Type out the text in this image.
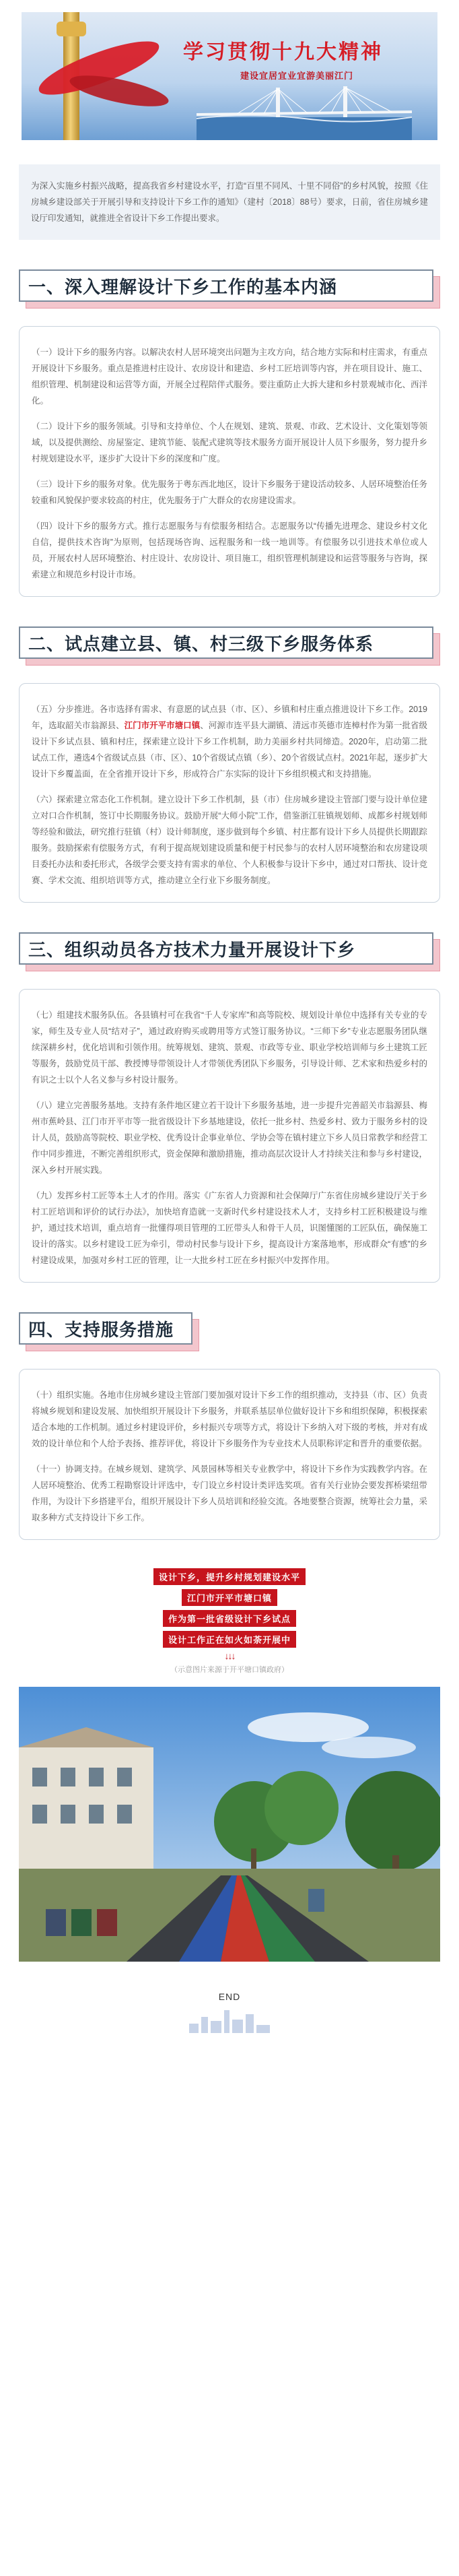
学习贯彻十九大精神
建设宜居宜业宜游美丽江门
为深入实施乡村振兴战略，提高我省乡村建设水平，打造“百里不同风、十里不同俗”的乡村风貌，按照《住房城乡建设部关于开展引导和支持设计下乡工作的通知》（建村〔2018〕88号）要求，日前，省住房城乡建设厅印发通知，就推进全省设计下乡工作提出要求。
一、深入理解设计下乡工作的基本内涵

（一）设计下乡的服务内容。以解决农村人居环境突出问题为主攻方向，结合地方实际和村庄需求，有重点开展设计下乡服务。重点是推进村庄设计、农房设计和建造、乡村工匠培训等内容，并在项目设计、施工、组织管理、机制建设和运营等方面，开展全过程陪伴式服务。要注重防止大拆大建和乡村景观城市化、西洋化。

（二）设计下乡的服务领域。引导和支持单位、个人在规划、建筑、景观、市政、艺术设计、文化策划等领域，以及提供测绘、房屋鉴定、建筑节能、装配式建筑等技术服务方面开展设计人员下乡服务，努力提升乡村规划建设水平，逐步扩大设计下乡的深度和广度。

（三）设计下乡的服务对象。优先服务于粤东西北地区，设计下乡服务于建设活动较多、人居环境整治任务较重和风貌保护要求较高的村庄，优先服务于广大群众的农房建设需求。

（四）设计下乡的服务方式。推行志愿服务与有偿服务相结合。志愿服务以“传播先进理念、建设乡村文化自信，提供技术咨询”为原则，包括现场咨询、远程服务和一线一地训等。有偿服务以引进技术单位或人员，开展农村人居环境整治、村庄设计、农房设计、项目施工，组织管理机制建设和运营等服务与咨询，探索建立和规范乡村设计市场。

二、试点建立县、镇、村三级下乡服务体系

（五）分步推进。各市选择有需求、有意愿的试点县（市、区）、乡镇和村庄重点推进设计下乡工作。2019年，选取韶关市翁源县、江门市开平市塘口镇、河源市连平县大湖镇、清远市英德市连樟村作为第一批省级设计下乡试点县、镇和村庄，探索建立设计下乡工作机制，助力美丽乡村共同缔造。2020年，启动第二批试点工作，遴选4个省级试点县（市、区）、10个省级试点镇（乡）、20个省级试点村。2021年起，逐步扩大设计下乡覆盖面，在全省推开设计下乡，形成符合广东实际的设计下乡组织模式和支持措施。

（六）探索建立常态化工作机制。建立设计下乡工作机制，县（市）住房城乡建设主管部门要与设计单位建立对口合作机制，签订中长期服务协议。鼓励开展“大师小院”工作，借鉴浙江驻镇规划师、成都乡村规划师等经验和做法，研究推行驻镇（村）设计师制度，逐步做到每个乡镇、村庄都有设计下乡人员提供长期跟踪服务。鼓励探索有偿服务方式，有利于提高规划建设质量和便于村民参与的农村人居环境整治和农房建设项目委托办法和委托形式，各级学会要支持有需求的单位、个人积极参与设计下乡中，通过对口帮扶、设计竞赛、学术交流、组织培训等方式，推动建立全行业下乡服务制度。

三、组织动员各方技术力量开展设计下乡

（七）组建技术服务队伍。各县镇村可在我省“千人专家库”和高等院校、规划设计单位中选择有关专业的专家，师生及专业人员“结对子”，通过政府购买或聘用等方式签订服务协议。“三师下乡”专业志愿服务团队继续深耕乡村，优化培训和引领作用。统筹规划、建筑、景观、市政等专业、职业学校培训师与乡土建筑工匠等服务，鼓励党员干部、教授博导带领设计人才带领优秀团队下乡服务，引导设计师、艺术家和热爱乡村的有识之士以个人名义参与乡村设计服务。

（八）建立完善服务基地。支持有条件地区建立若干设计下乡服务基地，进一步提升完善韶关市翁源县、梅州市蕉岭县、江门市开平市等一批省级设计下乡基地建设，依托一批乡村、热爱乡村、致力于服务乡村的设计人员，鼓励高等院校、职业学校、优秀设计企事业单位、学协会等在镇村建立下乡人员日常教学和经营工作中同步推进，不断完善组织形式，资金保障和激励措施，推动高层次设计人才持续关注和参与乡村建设，深入乡村开展实践。

（九）发挥乡村工匠等本土人才的作用。落实《广东省人力资源和社会保障厅广东省住房城乡建设厅关于乡村工匠培训和评价的试行办法》，加快培育造就一支新时代乡村建设技术人才，支持乡村工匠积极建设与维护，通过技术培训，重点培育一批懂得项目管理的工匠带头人和骨干人员，识图懂图的工匠队伍，确保施工设计的落实。以乡村建设工匠为牵引，带动村民参与设计下乡，提高设计方案落地率，形成群众“有感”的乡村建设成果，加强对乡村工匠的管理，让一大批乡村工匠在乡村振兴中发挥作用。

四、支持服务措施

（十）组织实施。各地市住房城乡建设主管部门要加强对设计下乡工作的组织推动，支持县（市、区）负责将城乡规划和建设发展、加快组织开展设计下乡服务，并联系基层单位做好设计下乡和组织保障，积极探索适合本地的工作机制。通过乡村建设评价，乡村振兴专项等方式，将设计下乡纳入对下级的考核，并对有成效的设计单位和个人给予表扬、推荐评优，将设计下乡服务作为专业技术人员职称评定和晋升的重要依据。

（十一）协调支持。在城乡规划、建筑学、风景园林等相关专业教学中，将设计下乡作为实践教学内容。在人居环境整治、优秀工程勘察设计评选中，专门设立乡村设计类评选奖项。省有关行业协会要发挥桥梁纽带作用，为设计下乡搭建平台，组织开展设计下乡人员培训和经验交流。各地要整合资源，统筹社会力量，采取多种方式支持设计下乡工作。

设计下乡，提升乡村规划建设水平
江门市开平市塘口镇
作为第一批省级设计下乡试点
设计工作正在如火如荼开展中
↓↓↓
（示意图片来源于开平塘口镇政府）
END
